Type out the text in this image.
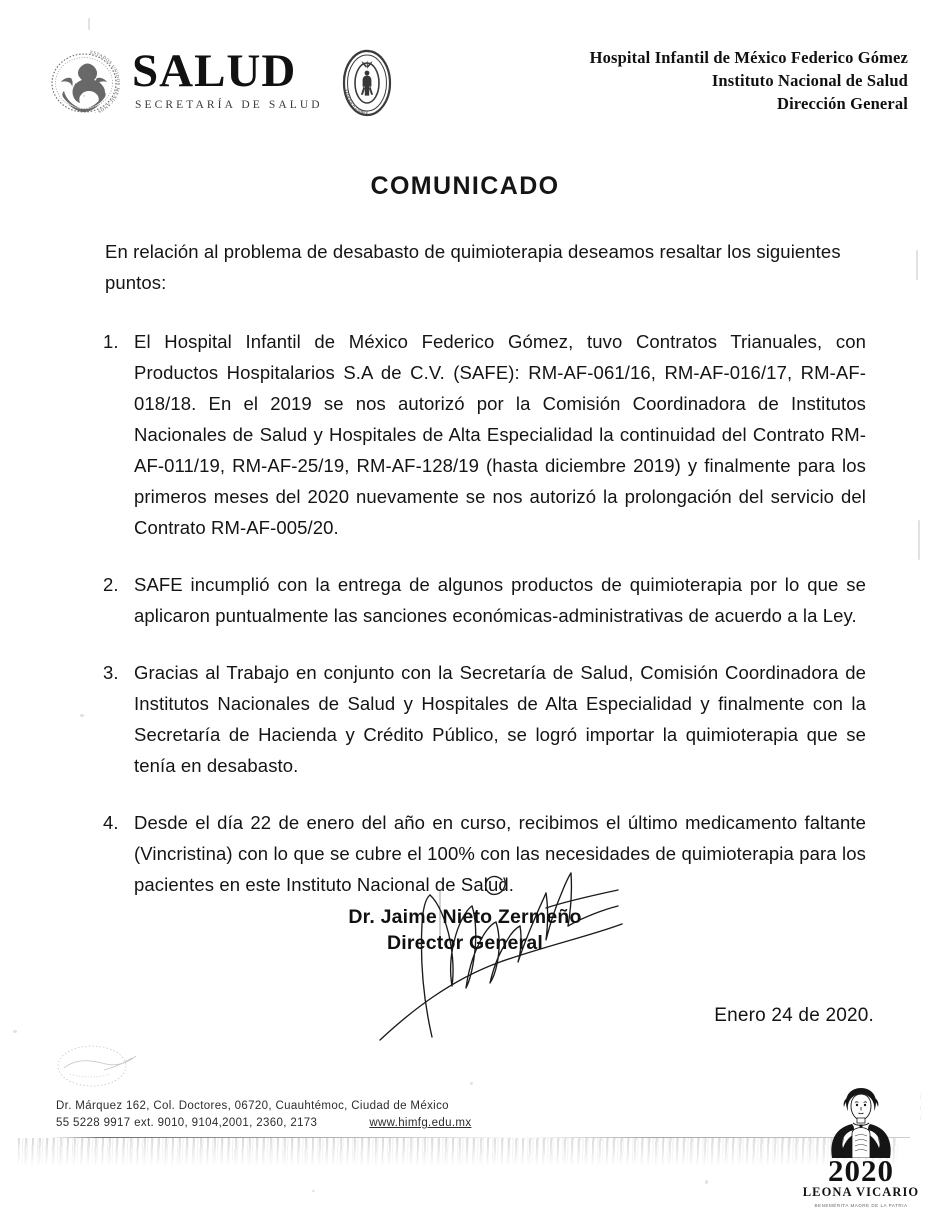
ESTADOS UNIDOS MEXICANOS ·
SALUD
SECRETARÍA DE SALUD
HOSPITAL INFANTIL DE MEXICO
FEDERICO GOMEZ
Hospital Infantil de México Federico Gómez
Instituto Nacional de Salud
Dirección General
COMUNICADO

En relación al problema de desabasto de quimioterapia deseamos resaltar los siguientes puntos:

1. El Hospital Infantil de México Federico Gómez, tuvo Contratos Trianuales, con Productos Hospitalarios S.A de C.V. (SAFE): RM-AF-061/16, RM-AF-016/17, RM-AF-018/18. En el 2019 se nos autorizó por la Comisión Coordinadora de Institutos Nacionales de Salud y Hospitales de Alta Especialidad la continuidad del Contrato RM-AF-011/19, RM-AF-25/19, RM-AF-128/19 (hasta diciembre 2019) y finalmente para los primeros meses del 2020 nuevamente se nos autorizó la prolongación del servicio del Contrato RM-AF-005/20.
2. SAFE incumplió con la entrega de algunos productos de quimioterapia por lo que se aplicaron puntualmente las sanciones económicas-administrativas de acuerdo a la Ley.
3. Gracias al Trabajo en conjunto con la Secretaría de Salud, Comisión Coordinadora de Institutos Nacionales de Salud y Hospitales de Alta Especialidad y finalmente con la Secretaría de Hacienda y Crédito Público, se logró importar la quimioterapia que se tenía en desabasto.
4. Desde el día 22 de enero del año en curso, recibimos el último medicamento faltante (Vincristina) con lo que se cubre el 100% con las necesidades de quimioterapia para los pacientes en este Instituto Nacional de Salud.
Dr. Jaime Nieto Zermeño
Director General
Enero 24 de 2020.
Dr. Márquez 162, Col. Doctores, 06720, Cuauhtémoc, Ciudad de México
55 5228 9917 ext. 9010, 9104,2001, 2360, 2173	www.himfg.edu.mx
2020
LEONA VICARIO
BENEMÉRITA MADRE DE LA PATRIA
· · — · ·· — · · —
